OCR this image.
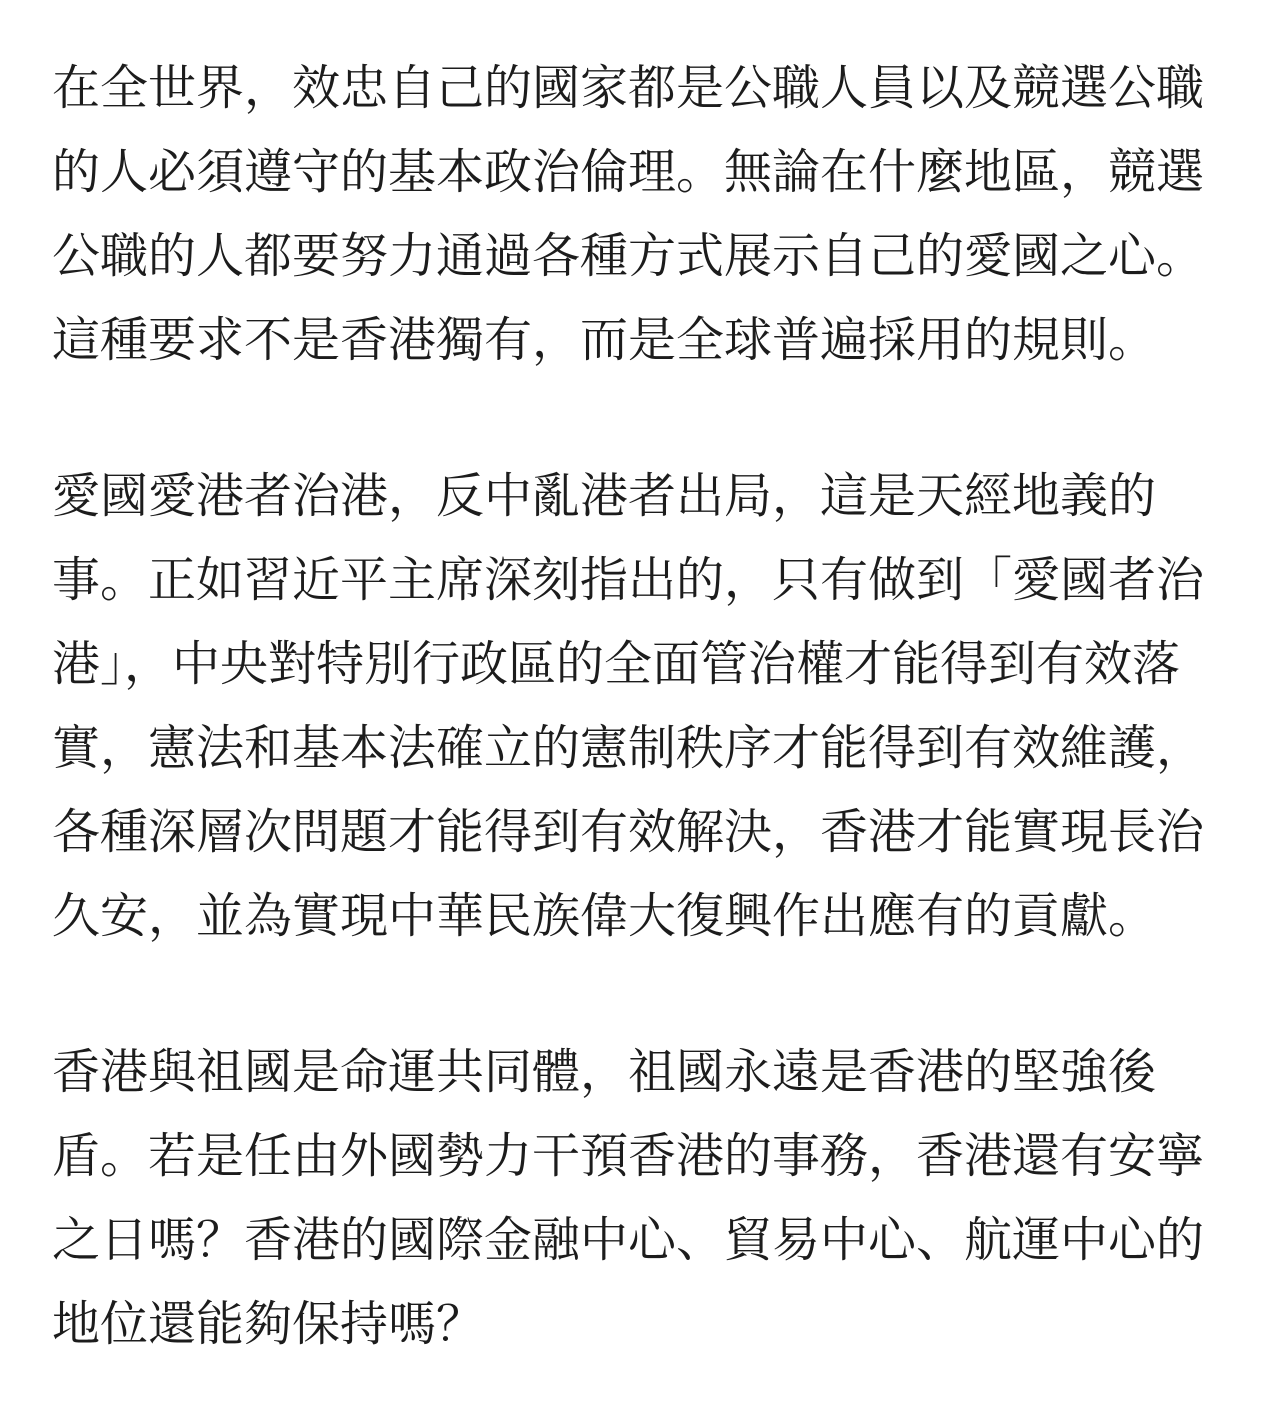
在全世界，效忠自己的國家都是公職人員以及競選公職
的人必須遵守的基本政治倫理。無論在什麼地區，競選
公職的人都要努力通過各種方式展示自己的愛國之心。
這種要求不是香港獨有，而是全球普遍採用的規則。

愛國愛港者治港，反中亂港者出局，這是天經地義的
事。正如習近平主席深刻指出的，只有做到「愛國者治
港」，中央對特別行政區的全面管治權才能得到有效落
實，憲法和基本法確立的憲制秩序才能得到有效維護，
各種深層次問題才能得到有效解決，香港才能實現長治
久安，並為實現中華民族偉大復興作出應有的貢獻。

香港與祖國是命運共同體，祖國永遠是香港的堅強後
盾。若是任由外國勢力干預香港的事務，香港還有安寧
之日嗎？香港的國際金融中心、貿易中心、航運中心的
地位還能夠保持嗎？
